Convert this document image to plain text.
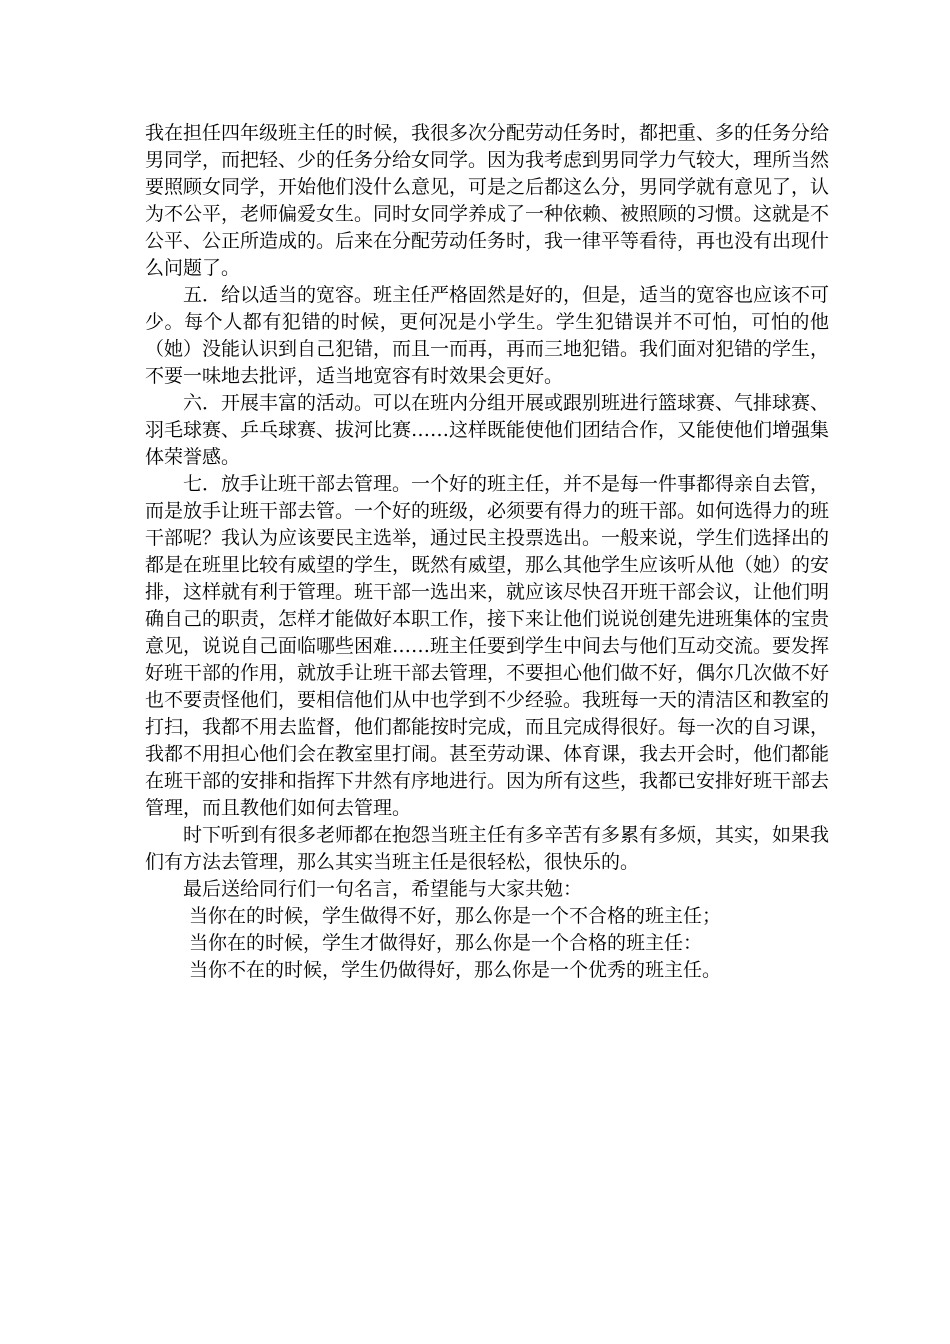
我在担任四年级班主任的时候，我很多次分配劳动任务时，都把重、多的任务分给男同学，而把轻、少的任务分给女同学。因为我考虑到男同学力气较大，理所当然要照顾女同学，开始他们没什么意见，可是之后都这么分，男同学就有意见了，认为不公平，老师偏爱女生。同时女同学养成了一种依赖、被照顾的习惯。这就是不公平、公正所造成的。后来在分配劳动任务时，我一律平等看待，再也没有出现什么问题了。

五．给以适当的宽容。班主任严格固然是好的，但是，适当的宽容也应该不可少。每个人都有犯错的时候，更何况是小学生。学生犯错误并不可怕，可怕的他（她）没能认识到自己犯错，而且一而再，再而三地犯错。我们面对犯错的学生，不要一味地去批评，适当地宽容有时效果会更好。

六．开展丰富的活动。可以在班内分组开展或跟别班进行篮球赛、气排球赛、羽毛球赛、乒乓球赛、拔河比赛……这样既能使他们团结合作，又能使他们增强集体荣誉感。

七．放手让班干部去管理。一个好的班主任，并不是每一件事都得亲自去管，而是放手让班干部去管。一个好的班级，必须要有得力的班干部。如何选得力的班干部呢？我认为应该要民主选举，通过民主投票选出。一般来说，学生们选择出的都是在班里比较有威望的学生，既然有威望，那么其他学生应该听从他（她）的安排，这样就有利于管理。班干部一选出来，就应该尽快召开班干部会议，让他们明确自己的职责，怎样才能做好本职工作，接下来让他们说说创建先进班集体的宝贵意见，说说自己面临哪些困难……班主任要到学生中间去与他们互动交流。要发挥好班干部的作用，就放手让班干部去管理，不要担心他们做不好，偶尔几次做不好也不要责怪他们，要相信他们从中也学到不少经验。我班每一天的清洁区和教室的打扫，我都不用去监督，他们都能按时完成，而且完成得很好。每一次的自习课，我都不用担心他们会在教室里打闹。甚至劳动课、体育课，我去开会时，他们都能在班干部的安排和指挥下井然有序地进行。因为所有这些，我都已安排好班干部去管理，而且教他们如何去管理。

时下听到有很多老师都在抱怨当班主任有多辛苦有多累有多烦，其实，如果我们有方法去管理，那么其实当班主任是很轻松，很快乐的。

最后送给同行们一句名言，希望能与大家共勉：

当你在的时候，学生做得不好，那么你是一个不合格的班主任；

当你在的时候，学生才做得好，那么你是一个合格的班主任：

当你不在的时候，学生仍做得好，那么你是一个优秀的班主任。
